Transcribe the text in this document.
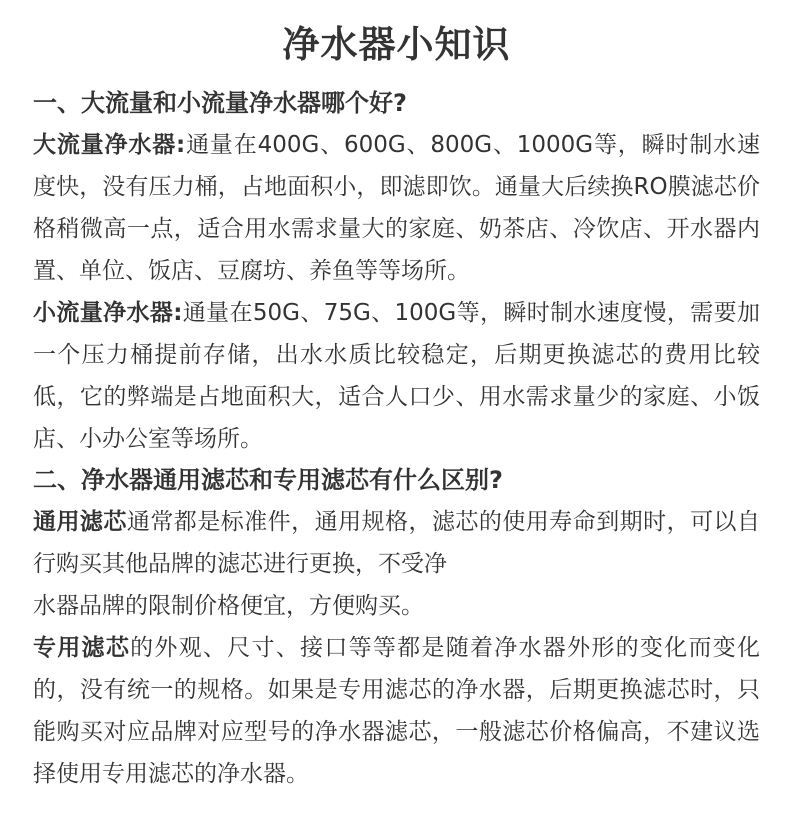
净水器小知识

一、大流量和小流量净水器哪个好?

大流量净水器:通量在400G、600G、800G、1000G等，瞬时制水速度快，没有压力桶，占地面积小，即滤即饮。通量大后续换RO膜滤芯价格稍微高一点，适合用水需求量大的家庭、奶茶店、冷饮店、开水器内置、单位、饭店、豆腐坊、养鱼等等场所。

小流量净水器:通量在50G、75G、100G等，瞬时制水速度慢，需要加一个压力桶提前存储，出水水质比较稳定，后期更换滤芯的费用比较低，它的弊端是占地面积大，适合人口少、用水需求量少的家庭、小饭店、小办公室等场所。

二、净水器通用滤芯和专用滤芯有什么区别?

通用滤芯通常都是标准件，通用规格，滤芯的使用寿命到期时，可以自行购买其他品牌的滤芯进行更换，不受净

水器品牌的限制价格便宜，方便购买。

专用滤芯的外观、尺寸、接口等等都是随着净水器外形的变化而变化的，没有统一的规格。如果是专用滤芯的净水器，后期更换滤芯时，只能购买对应品牌对应型号的净水器滤芯，一般滤芯价格偏高，不建议选择使用专用滤芯的净水器。
